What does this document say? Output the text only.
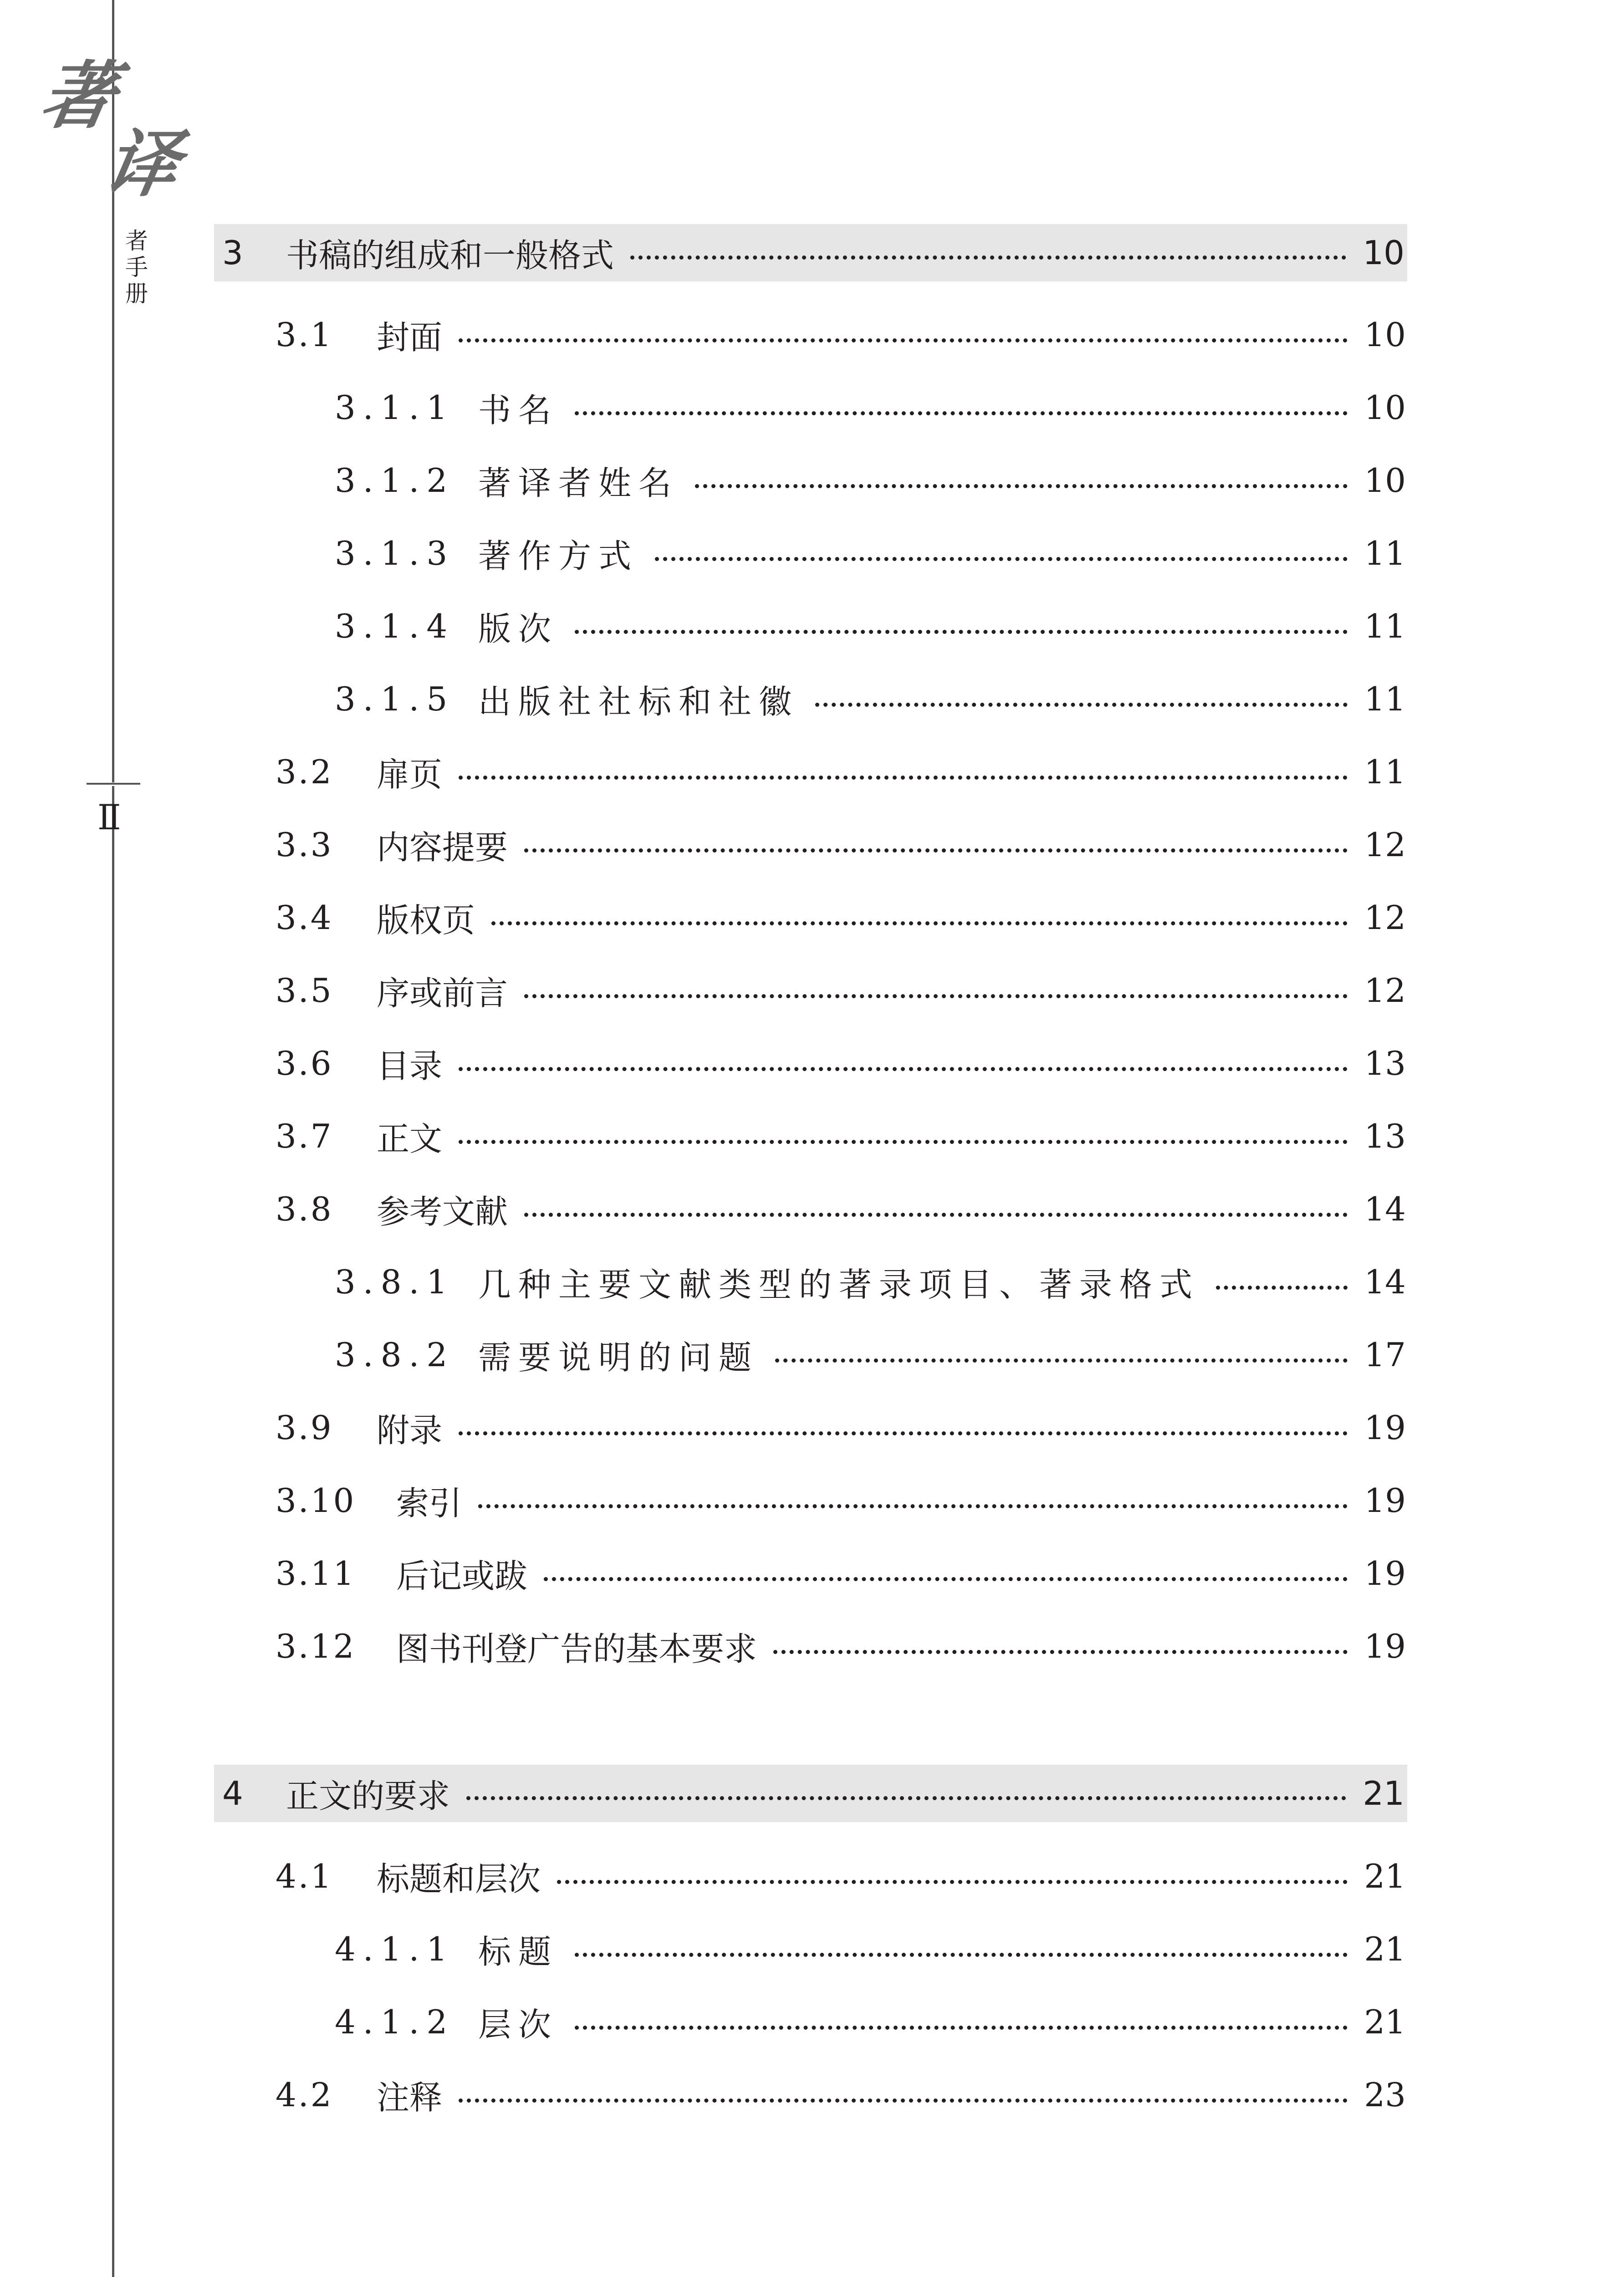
著
译
者
手
册
Ⅱ
3	书稿的组成和一般格式	10
3.1	封面	10
3.1.1 书名	10
3.1.2 著译者姓名	10
3.1.3 著作方式	11
3.1.4 版次	11
3.1.5 出版社社标和社徽	11
3.2	扉页	11
3.3	内容提要	12
3.4	版权页	12
3.5	序或前言	12
3.6	目录	13
3.7	正文	13
3.8	参考文献	14
3.8.1 几种主要文献类型的著录项目、著录格式	14
3.8.2 需要说明的问题	17
3.9	附录	19
3.10	索引	19
3.11	后记或跋	19
3.12	图书刊登广告的基本要求	19
4	正文的要求	21
4.1	标题和层次	21
4.1.1 标题	21
4.1.2 层次	21
4.2	注释	23
